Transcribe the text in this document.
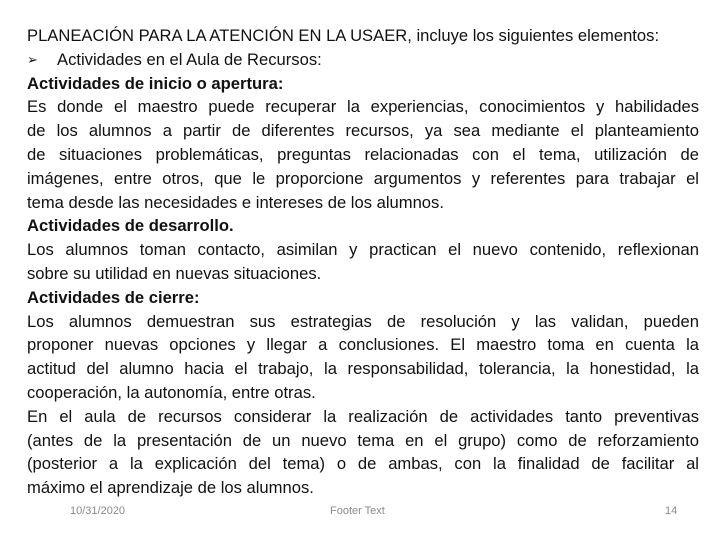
PLANEACIÓN PARA LA ATENCIÓN EN LA USAER, incluye los siguientes elementos:
➢ Actividades en el Aula de Recursos:
Actividades de inicio o apertura:
Es donde el maestro puede recuperar la experiencias, conocimientos y habilidades
de los alumnos a partir de diferentes recursos, ya sea mediante el planteamiento
de situaciones problemáticas, preguntas relacionadas con el tema, utilización de
imágenes, entre otros, que le proporcione argumentos y referentes para trabajar el
tema desde las necesidades e intereses de los alumnos.
Actividades de desarrollo.
Los alumnos toman contacto, asimilan y practican el nuevo contenido, reflexionan
sobre su utilidad en nuevas situaciones.
Actividades de cierre:
Los alumnos demuestran sus estrategias de resolución y las validan, pueden
proponer nuevas opciones y llegar a conclusiones. El maestro toma en cuenta la
actitud del alumno hacia el trabajo, la responsabilidad, tolerancia, la honestidad, la
cooperación, la autonomía, entre otras.
En el aula de recursos considerar la realización de actividades tanto preventivas
(antes de la presentación de un nuevo tema en el grupo) como de reforzamiento
(posterior a la explicación del tema) o de ambas, con la finalidad de facilitar al
máximo el aprendizaje de los alumnos.
10/31/2020	Footer Text	14
